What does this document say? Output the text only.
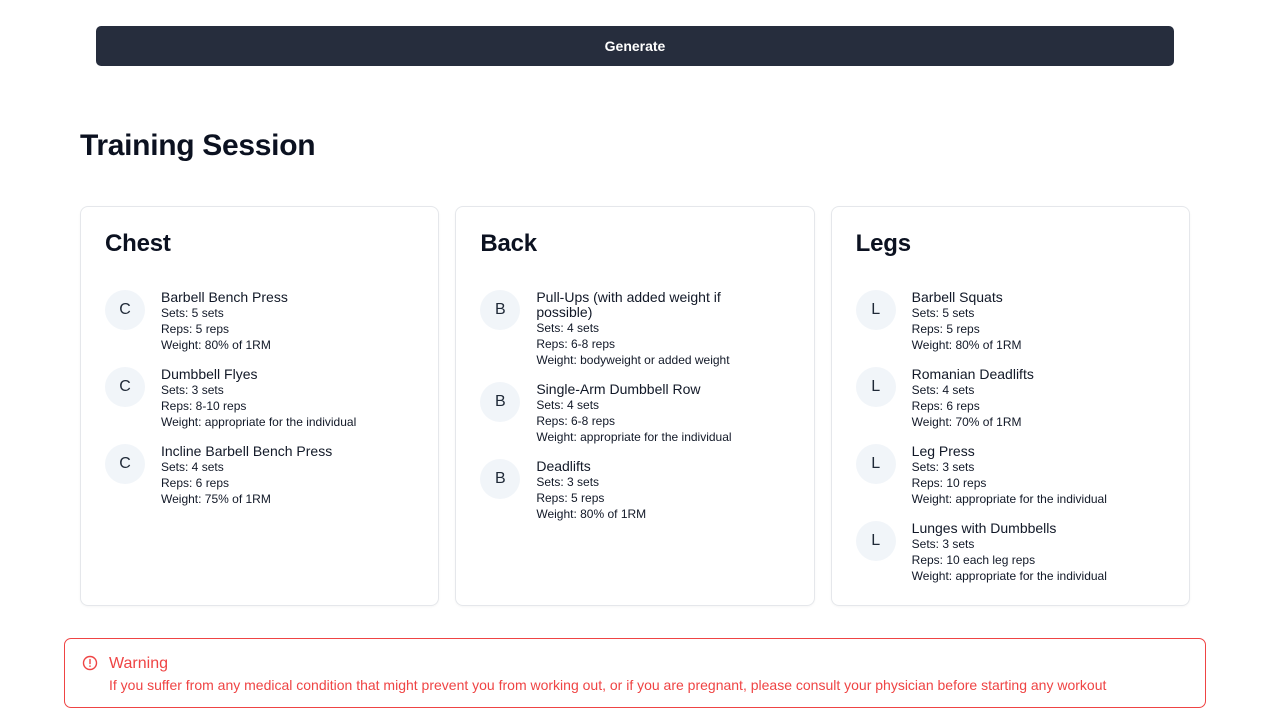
Generate
Training Session
Chest
C
Barbell Bench Press
Sets: 5 sets
Reps: 5 reps
Weight: 80% of 1RM
C
Dumbbell Flyes
Sets: 3 sets
Reps: 8-10 reps
Weight: appropriate for the individual
C
Incline Barbell Bench Press
Sets: 4 sets
Reps: 6 reps
Weight: 75% of 1RM
Back
B
Pull-Ups (with added weight if possible)
Sets: 4 sets
Reps: 6-8 reps
Weight: bodyweight or added weight
B
Single-Arm Dumbbell Row
Sets: 4 sets
Reps: 6-8 reps
Weight: appropriate for the individual
B
Deadlifts
Sets: 3 sets
Reps: 5 reps
Weight: 80% of 1RM
Legs
L
Barbell Squats
Sets: 5 sets
Reps: 5 reps
Weight: 80% of 1RM
L
Romanian Deadlifts
Sets: 4 sets
Reps: 6 reps
Weight: 70% of 1RM
L
Leg Press
Sets: 3 sets
Reps: 10 reps
Weight: appropriate for the individual
L
Lunges with Dumbbells
Sets: 3 sets
Reps: 10 each leg reps
Weight: appropriate for the individual
Warning
If you suffer from any medical condition that might prevent you from working out, or if you are pregnant, please consult your physician before starting any workout
